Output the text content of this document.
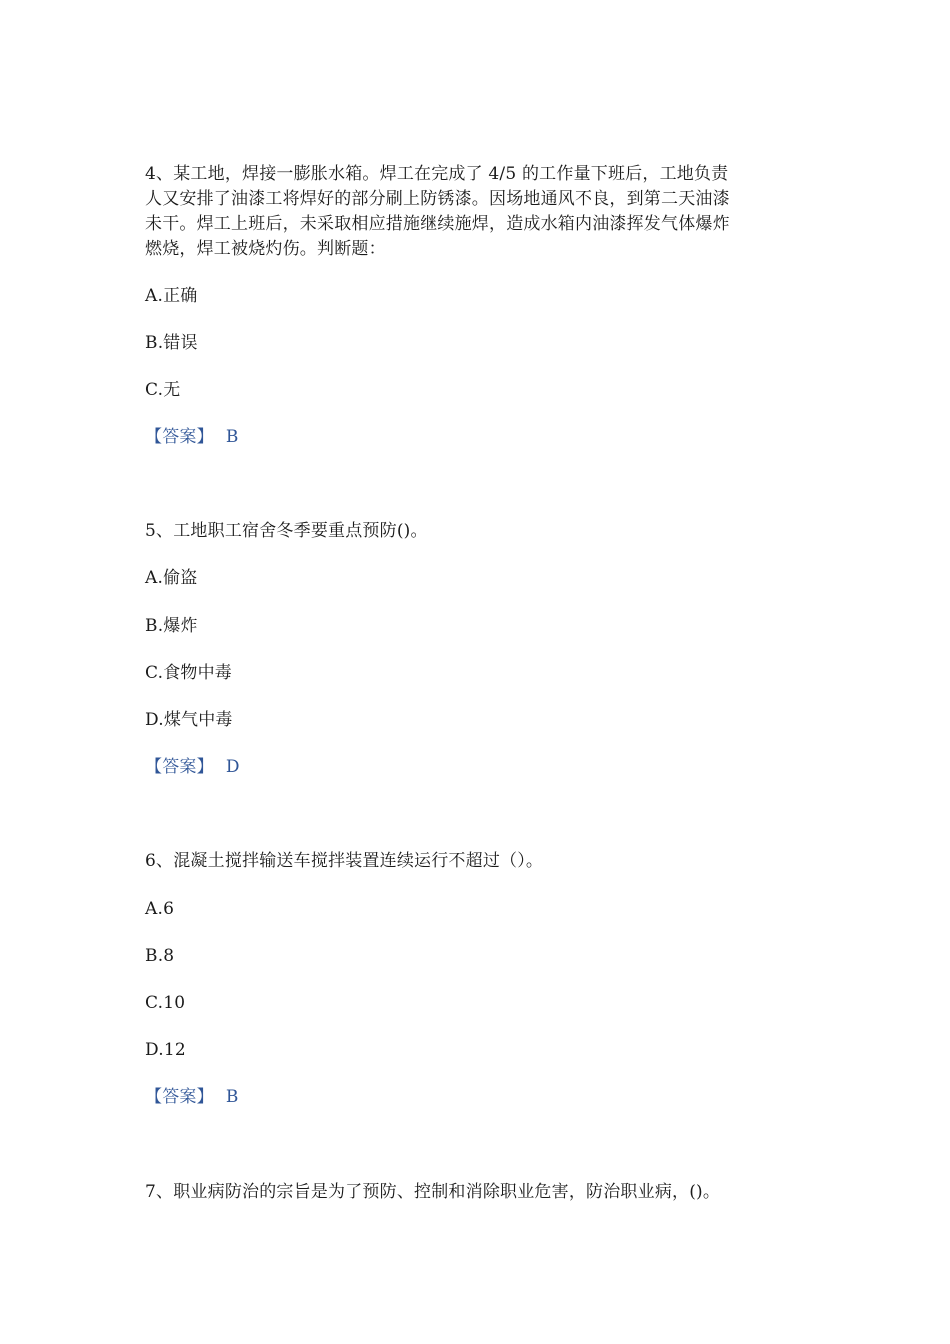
4、某工地，焊接一膨胀水箱。焊工在完成了 4/5 的工作量下班后，工地负责
人又安排了油漆工将焊好的部分刷上防锈漆。因场地通风不良，到第二天油漆
未干。焊工上班后，未采取相应措施继续施焊，造成水箱内油漆挥发气体爆炸
燃烧，焊工被烧灼伤。判断题：
A.正确
B.错误
C.无
【答案】 B
5、工地职工宿舍冬季要重点预防()。
A.偷盗
B.爆炸
C.食物中毒
D.煤气中毒
【答案】 D
6、混凝土搅拌输送车搅拌装置连续运行不超过（）。
A.6
B.8
C.10
D.12
【答案】 B
7、职业病防治的宗旨是为了预防、控制和消除职业危害，防治职业病，()。
